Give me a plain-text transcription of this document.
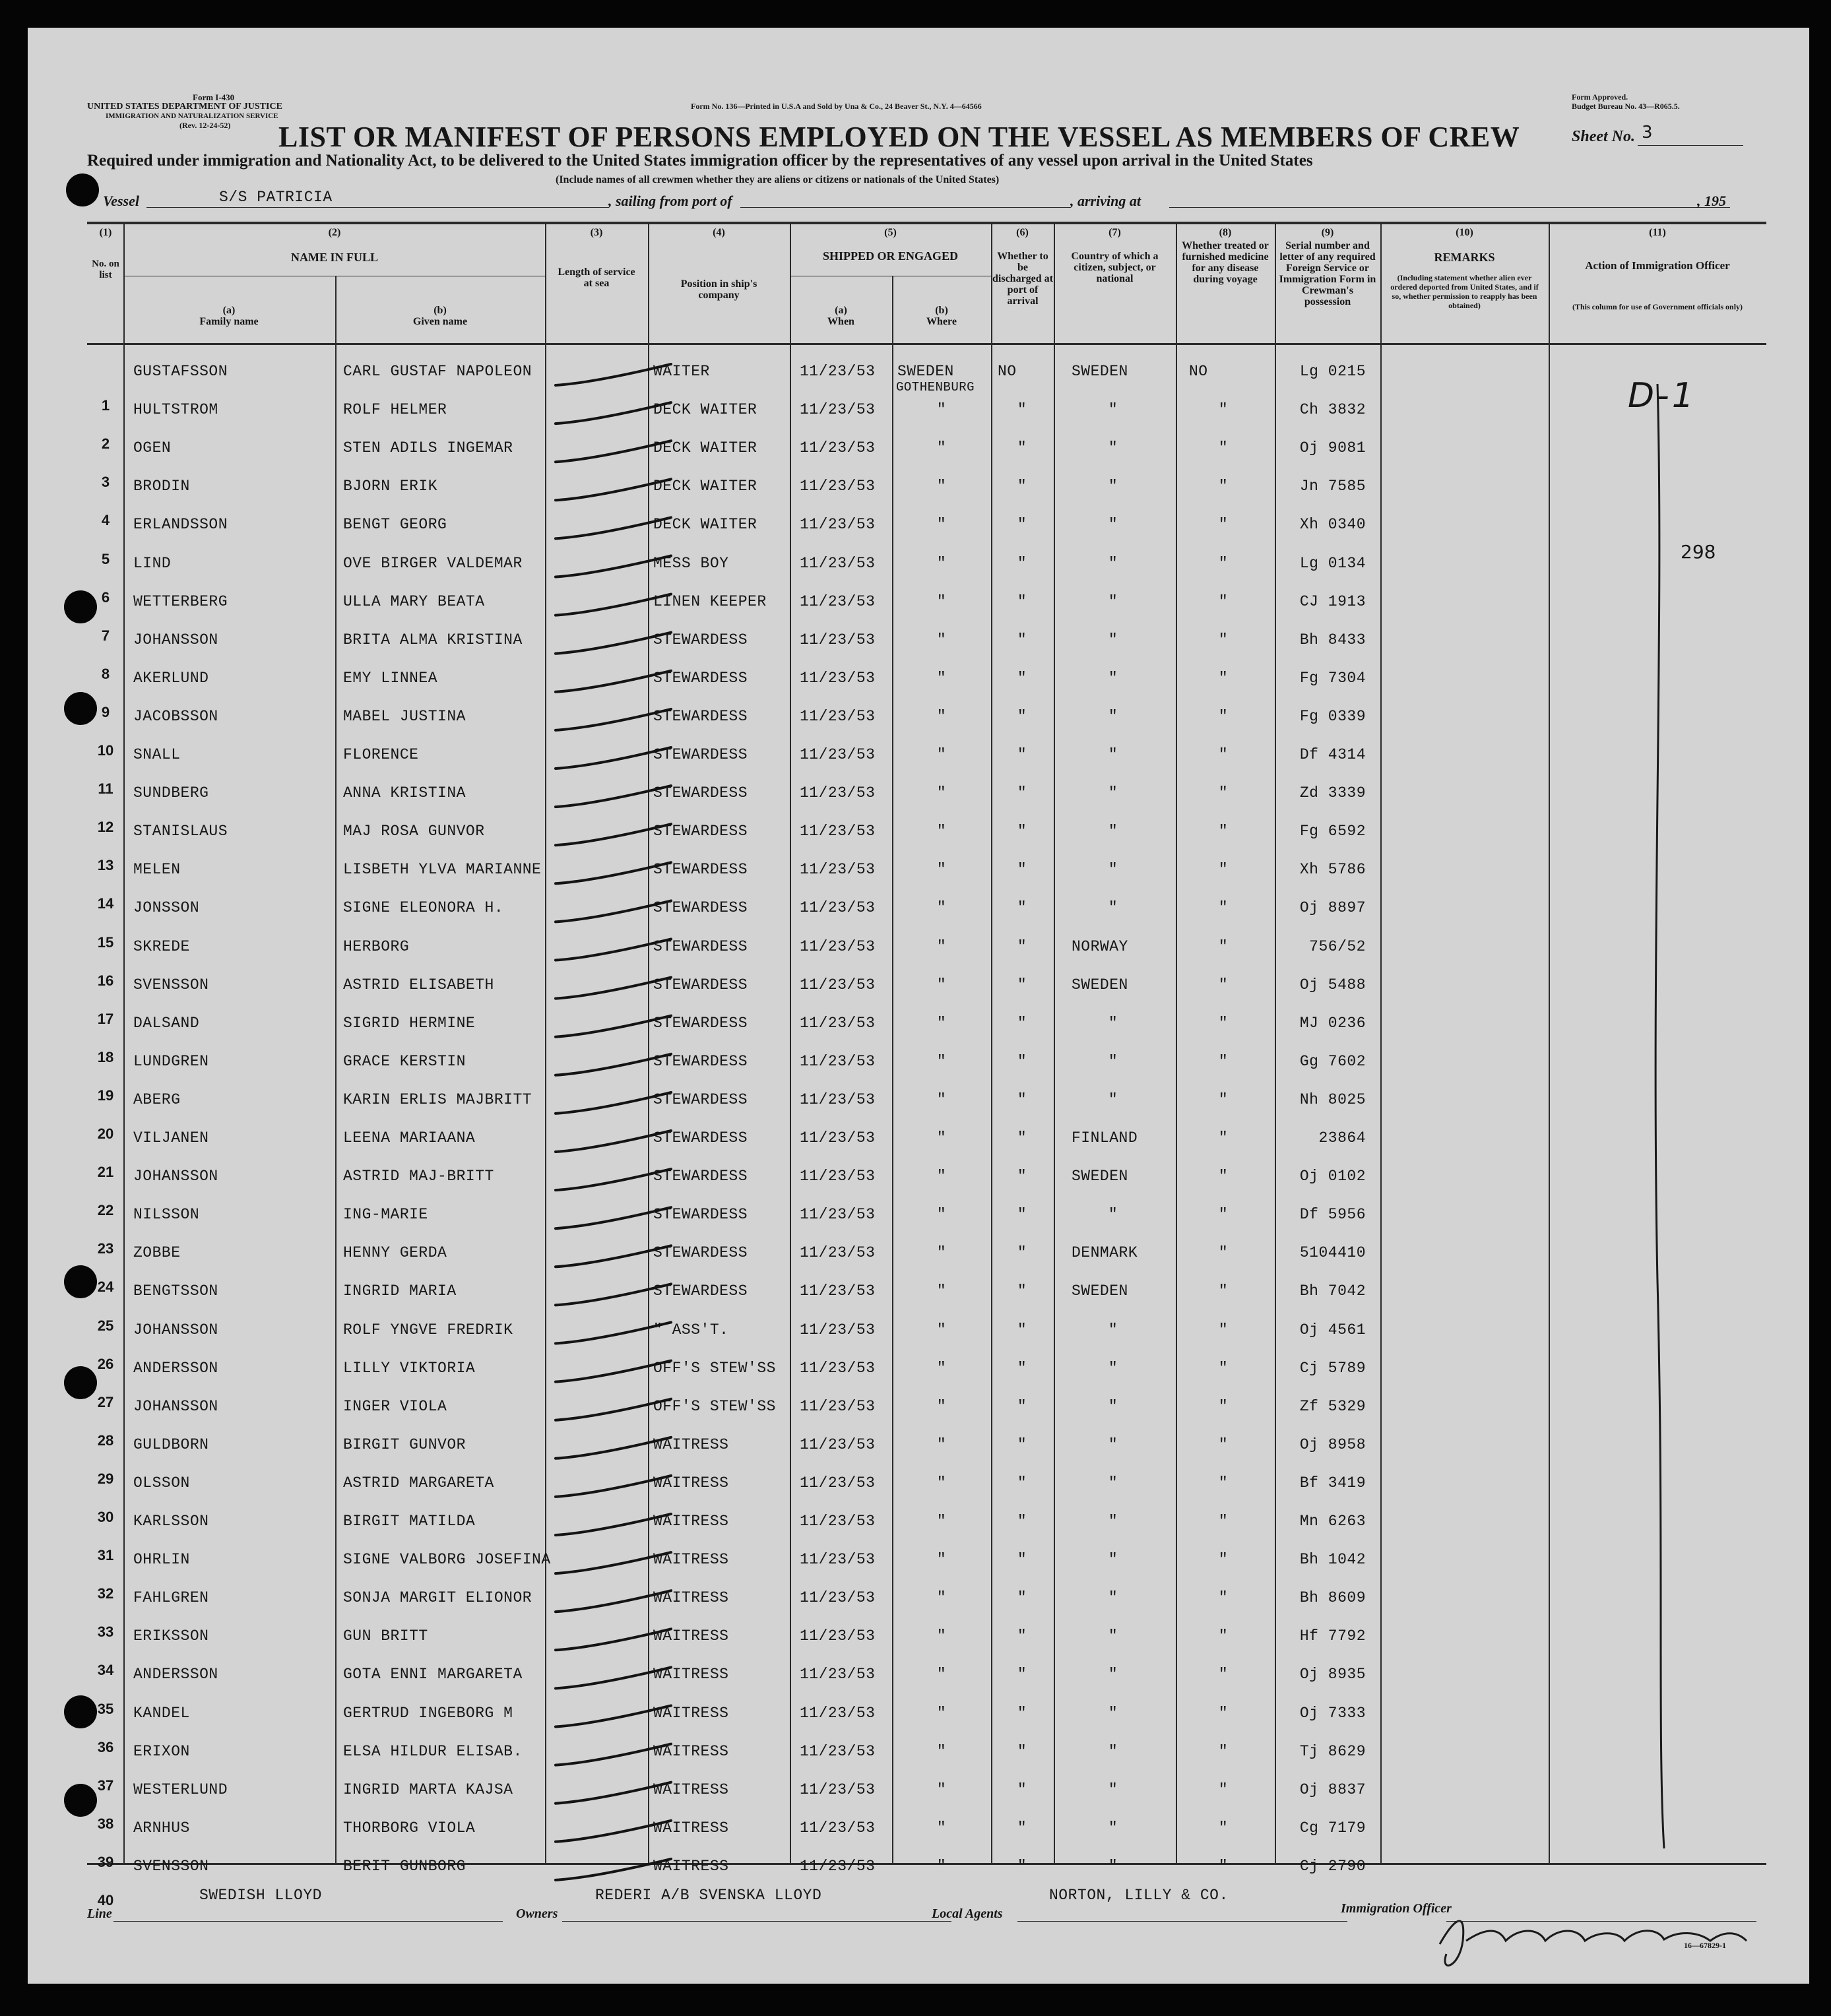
Form I-430
UNITED STATES DEPARTMENT OF JUSTICE
IMMIGRATION AND NATURALIZATION SERVICE
(Rev. 12-24-52)
Form No. 136—Printed in U.S.A and Sold by Una & Co., 24 Beaver St., N.Y. 4—64566
Form Approved.
Budget Bureau No. 43—R065.5.
LIST OR MANIFEST OF PERSONS EMPLOYED ON THE VESSEL AS MEMBERS OF CREW	Sheet No. 3
Required under immigration and Nationality Act, to be delivered to the United States immigration officer by the representatives of any vessel upon arrival in the United States
(Include names of all crewmen whether they are aliens or citizens or nationals of the United States)
Vessel	S/S PATRICIA	, sailing from port of	, arriving at	, 195
(1)
No. on list
(2)
NAME IN FULL
(a)
Family name
(b)
Given name
(3)
Length of service at sea
(4)
Position in ship's company
(5)
SHIPPED OR ENGAGED
(a)
When
(b)
Where
(6)
Whether to be discharged at port of arrival
(7)
Country of which a citizen, subject, or national
(8)
Whether treated or furnished medicine for any disease during voyage
(9)
Serial number and letter of any required Foreign Service or Immigration Form in Crewman's possession
(10)
REMARKS
(Including statement whether alien ever ordered deported from United States, and if so, whether permission to reapply has been obtained)
(11)
Action of Immigration Officer
(This column for use of Government officials only)
GUSTAFSSON	CARL GUSTAF NAPOLEON	WAITER	11/23/53 SWEDEN	NO	SWEDEN	NO	Lg 0215
1	HULTSTROM	ROLF HELMER	DECK WAITER	11/23/53	"	"	"	"	Ch 3832
2	OGEN	STEN ADILS INGEMAR	DECK WAITER	11/23/53	"	"	"	"	Oj 9081
3	BRODIN	BJORN ERIK	DECK WAITER	11/23/53	"	"	"	"	Jn 7585
4	ERLANDSSON	BENGT GEORG	DECK WAITER	11/23/53	"	"	"	"	Xh 0340
5	LIND	OVE BIRGER VALDEMAR	MESS BOY	11/23/53	"	"	"	"	Lg 0134
6	WETTERBERG	ULLA MARY BEATA	LINEN KEEPER 11/23/53	"	"	"	"	CJ 1913
7	JOHANSSON	BRITA ALMA KRISTINA	STEWARDESS	11/23/53	"	"	"	"	Bh 8433
8	AKERLUND	EMY LINNEA	STEWARDESS	11/23/53	"	"	"	"	Fg 7304
9	JACOBSSON	MABEL JUSTINA	STEWARDESS	11/23/53	"	"	"	"	Fg 0339
10	SNALL	FLORENCE	STEWARDESS	11/23/53	"	"	"	"	Df 4314
11	SUNDBERG	ANNA KRISTINA	STEWARDESS	11/23/53	"	"	"	"	Zd 3339
12	STANISLAUS	MAJ ROSA GUNVOR	STEWARDESS	11/23/53	"	"	"	"	Fg 6592
13	MELEN	LISBETH YLVA MARIANNE	STEWARDESS	11/23/53	"	"	"	"	Xh 5786
14	JONSSON	SIGNE ELEONORA H.	STEWARDESS	11/23/53	"	"	"	"	Oj 8897
15	SKREDE	HERBORG	STEWARDESS	11/23/53	"	"	NORWAY	"	756/52
16	SVENSSON	ASTRID ELISABETH	STEWARDESS	11/23/53	"	"	SWEDEN	"	Oj 5488
17	DALSAND	SIGRID HERMINE	STEWARDESS	11/23/53	"	"	"	"	MJ 0236
18	LUNDGREN	GRACE KERSTIN	STEWARDESS	11/23/53	"	"	"	"	Gg 7602
19	ABERG	KARIN ERLIS MAJBRITT	STEWARDESS	11/23/53	"	"	"	"	Nh 8025
20	VILJANEN	LEENA MARIAANA	STEWARDESS	11/23/53	"	"	FINLAND	"	23864
21	JOHANSSON	ASTRID MAJ-BRITT	STEWARDESS	11/23/53	"	"	SWEDEN	"	Oj 0102
22	NILSSON	ING-MARIE	STEWARDESS	11/23/53	"	"	"	"	Df 5956
23	ZOBBE	HENNY GERDA	STEWARDESS	11/23/53	"	"	DENMARK	"	5104410
24	BENGTSSON	INGRID MARIA	STEWARDESS	11/23/53	"	"	SWEDEN	"	Bh 7042
25	JOHANSSON	ROLF YNGVE FREDRIK	" ASS'T.	11/23/53	"	"	"	"	Oj 4561
26	ANDERSSON	LILLY VIKTORIA	OFF'S STEW'SS 11/23/53	"	"	"	"	Cj 5789
27	JOHANSSON	INGER VIOLA	OFF'S STEW'SS 11/23/53	"	"	"	"	Zf 5329
28	GULDBORN	BIRGIT GUNVOR	WAITRESS	11/23/53	"	"	"	"	Oj 8958
29	OLSSON	ASTRID MARGARETA	WAITRESS	11/23/53	"	"	"	"	Bf 3419
30	KARLSSON	BIRGIT MATILDA	WAITRESS	11/23/53	"	"	"	"	Mn 6263
31	OHRLIN	SIGNE VALBORG JOSEFINA	WAITRESS	11/23/53	"	"	"	"	Bh 1042
32	FAHLGREN	SONJA MARGIT ELIONOR	WAITRESS	11/23/53	"	"	"	"	Bh 8609
33	ERIKSSON	GUN BRITT	WAITRESS	11/23/53	"	"	"	"	Hf 7792
34	ANDERSSON	GOTA ENNI MARGARETA	WAITRESS	11/23/53	"	"	"	"	Oj 8935
35	KANDEL	GERTRUD INGEBORG M	WAITRESS	11/23/53	"	"	"	"	Oj 7333
36	ERIXON	ELSA HILDUR ELISAB.	WAITRESS	11/23/53	"	"	"	"	Tj 8629
37	WESTERLUND	INGRID MARTA KAJSA	WAITRESS	11/23/53	"	"	"	"	Oj 8837
38	ARNHUS	THORBORG VIOLA	WAITRESS	11/23/53	"	"	"	"	Cg 7179
39	SVENSSON	BERIT GUNBORG	WAITRESS	11/23/53	"	"	"	"	Cj 2790
40
GOTHENBURG	D-1
298
Line
SWEDISH LLOYD
Owners
REDERI A/B SVENSKA LLOYD
Local Agents
NORTON, LILLY & CO.
Immigration Officer
16—67829-1
